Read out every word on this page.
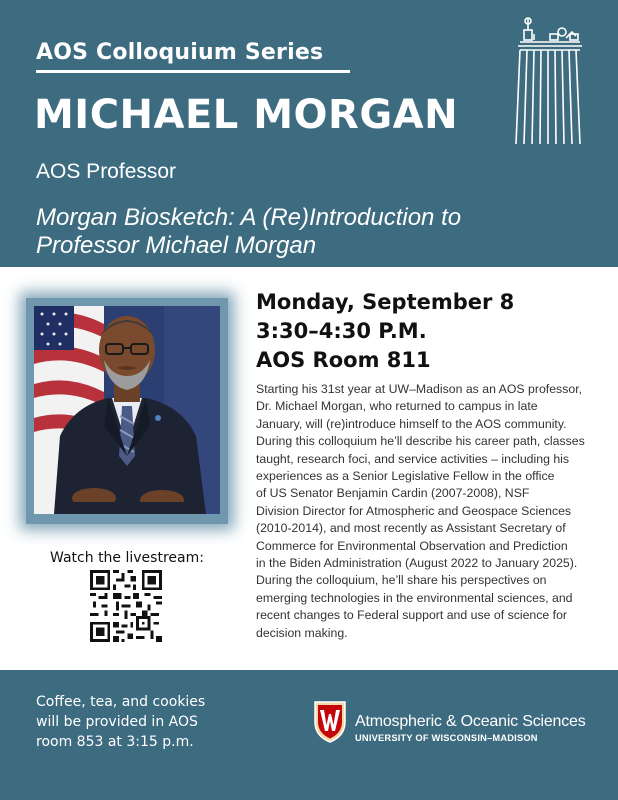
AOS Colloquium Series
MICHAEL MORGAN
AOS Professor
Morgan Biosketch: A (Re)Introduction to
Professor Michael Morgan
Watch the livestream:
Monday, September 8
3:30–4:30 P.M.
AOS Room 811
Starting his 31st year at UW–Madison as an AOS professor,
Dr. Michael Morgan, who returned to campus in late
January, will (re)introduce himself to the AOS community.
During this colloquium he’ll describe his career path, classes
taught, research foci, and service activities – including his
experiences as a Senior Legislative Fellow in the office
of US Senator Benjamin Cardin (2007-2008), NSF
Division Director for Atmospheric and Geospace Sciences
(2010-2014), and most recently as Assistant Secretary of
Commerce for Environmental Observation and Prediction
in the Biden Administration (August 2022 to January 2025).
During the colloquium, he’ll share his perspectives on
emerging technologies in the environmental sciences, and
recent changes to Federal support and use of science for
decision making.
Coffee, tea, and cookies
will be provided in AOS
room 853 at 3:15 p.m.
Atmospheric & Oceanic Sciences
UNIVERSITY OF WISCONSIN–MADISON
